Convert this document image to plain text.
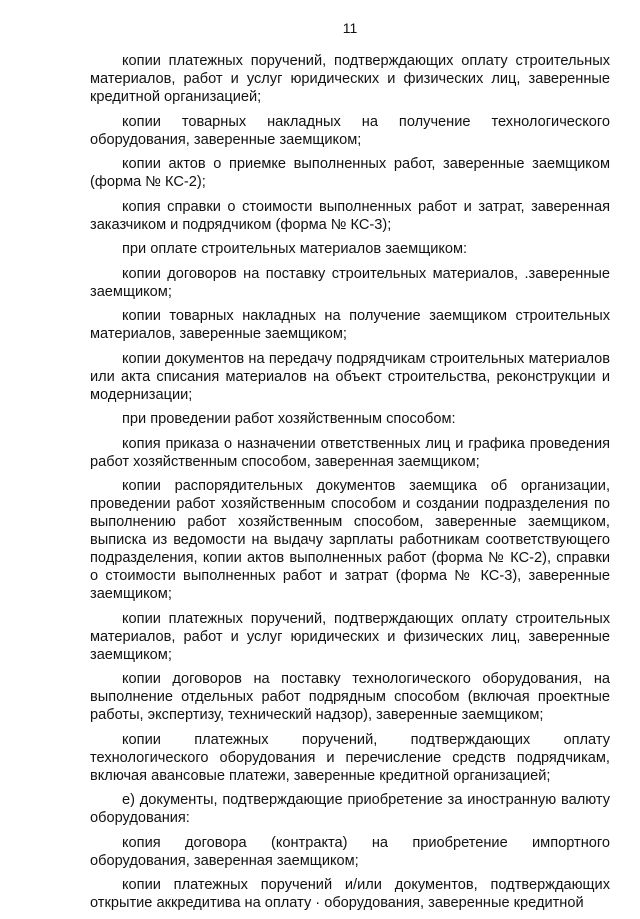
11

копии платежных поручений, подтверждающих оплату строительных материалов, работ и услуг юридических и физических лиц, заверенные кредитной организацией;

копии товарных накладных на получение технологического оборудования, заверенные заемщиком;

копии актов о приемке выполненных работ, заверенные заемщиком (форма № КС-2);

копия справки о стоимости выполненных работ и затрат, заверенная заказчиком и подрядчиком (форма № КС-3);

при оплате строительных материалов заемщиком:

копии договоров на поставку строительных материалов, .заверенные заемщиком;

копии товарных накладных на получение заемщиком строительных материалов, заверенные заемщиком;

копии документов на передачу подрядчикам строительных материалов или акта списания материалов на объект строительства, реконструкции и модернизации;

при проведении работ хозяйственным способом:

копия приказа о назначении ответственных лиц и графика проведения работ хозяйственным способом, заверенная заемщиком;

копии распорядительных документов заемщика об организации, проведении работ хозяйственным способом и создании подразделения по выполнению работ хозяйственным способом, заверенные заемщиком, выписка из ведомости на выдачу зарплаты работникам соответствующего подразделения, копии актов выполненных работ (форма № КС-2), справки о стоимости выполненных работ и затрат (форма № КС-3), заверенные заемщиком;

копии платежных поручений, подтверждающих оплату строительных материалов, работ и услуг юридических и физических лиц, заверенные заемщиком;

копии договоров на поставку технологического оборудования, на выполнение отдельных работ подрядным способом (включая проектные работы, экспертизу, технический надзор), заверенные заемщиком;

копии платежных поручений, подтверждающих оплату технологического оборудования и перечисление средств подрядчикам, включая авансовые платежи, заверенные кредитной организацией;

е) документы, подтверждающие приобретение за иностранную валюту оборудования:

копия договора (контракта) на приобретение импортного оборудования, заверенная заемщиком;

копии платежных поручений и/или документов, подтверждающих открытие аккредитива на оплату · оборудования, заверенные кредитной
